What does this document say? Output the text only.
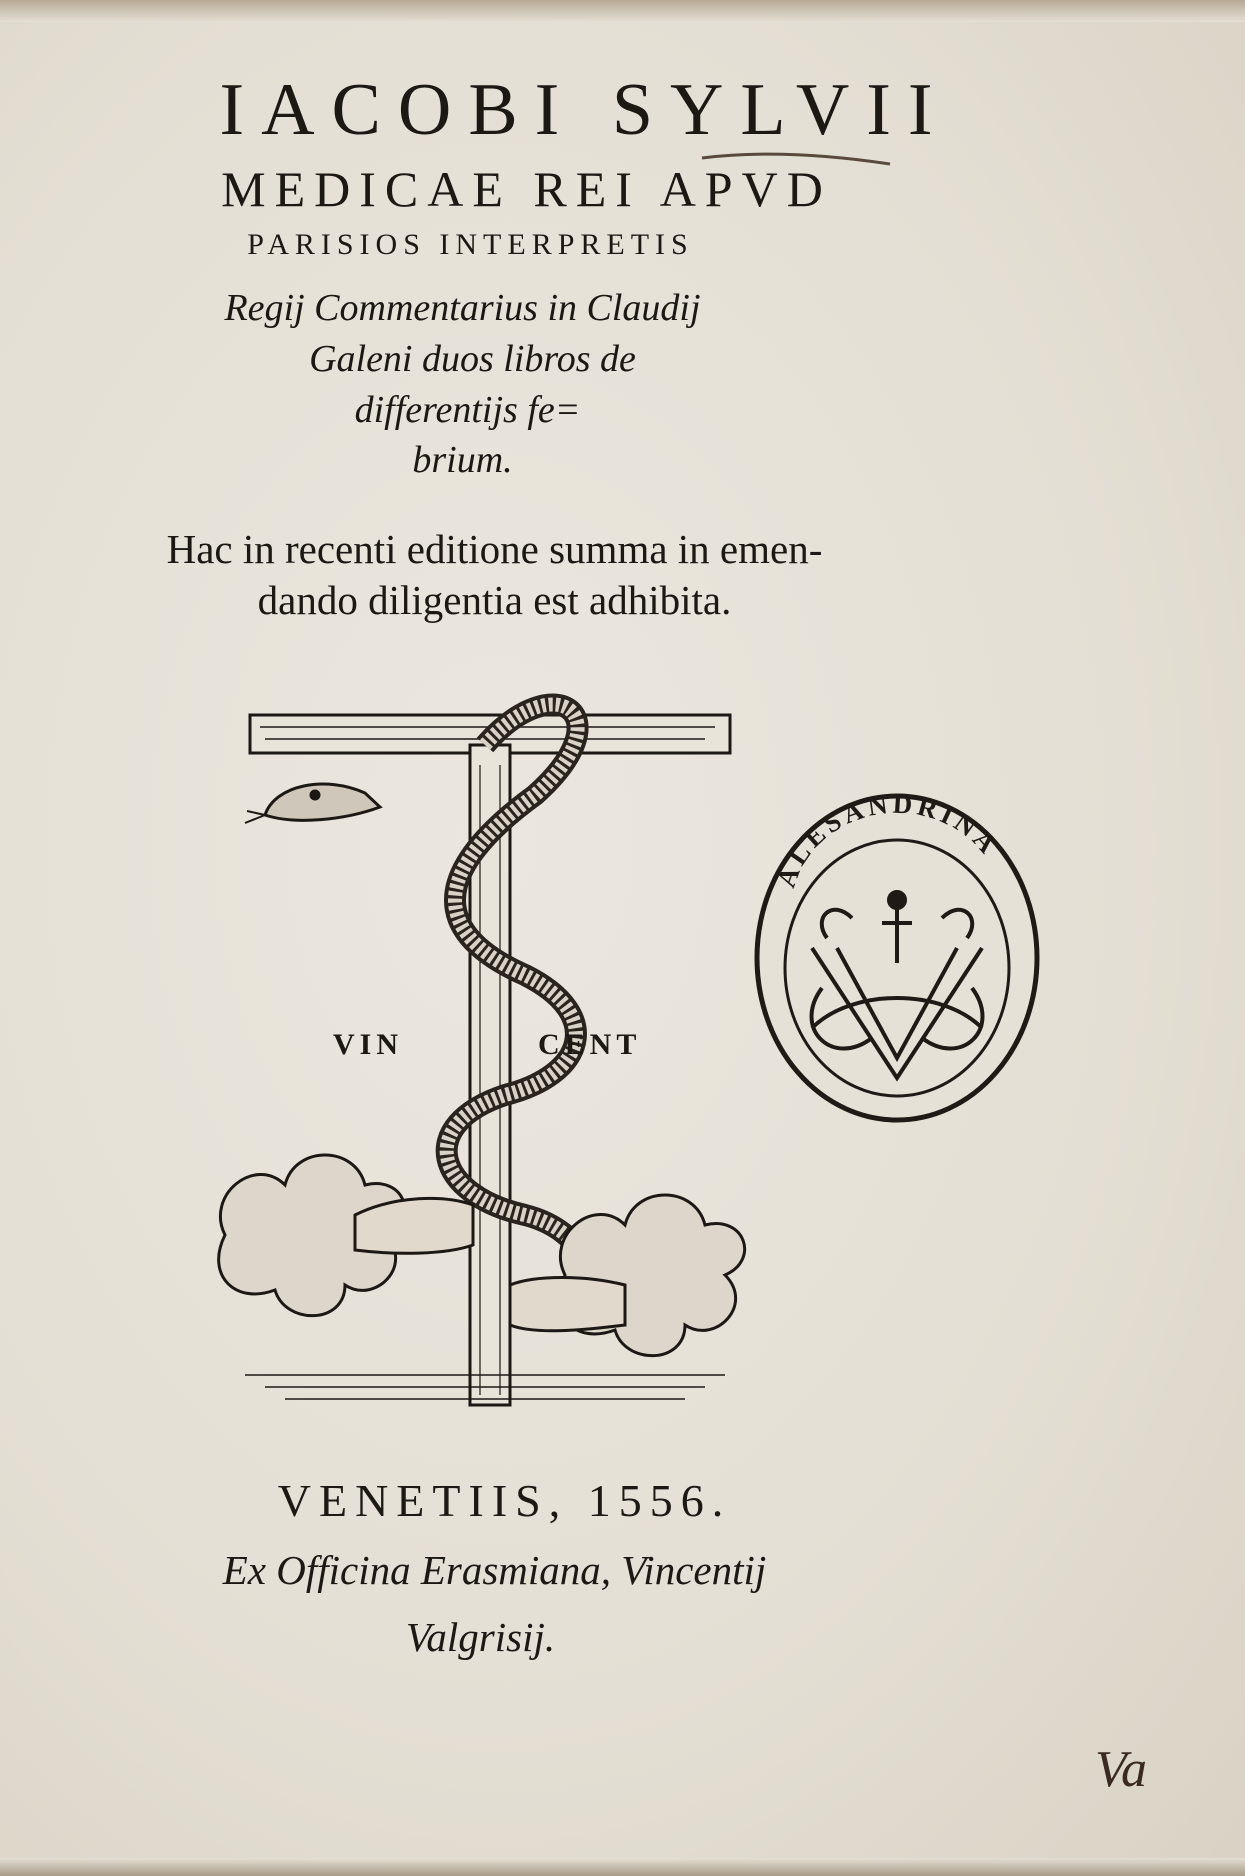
IACOBI SYLVII
MEDICAE REI APVD
PARISIOS INTERPRETIS
Regij Commentarius in Claudij
Galeni duos libros de
differentijs fe=
brium.
Hac in recenti editione summa in emen-
dando diligentia est adhibita.
VIN	CENT
ALESANDRINA
VENETIIS, 1556.
Ex Officina Erasmiana, Vincentij
Valgrisij.
Va
